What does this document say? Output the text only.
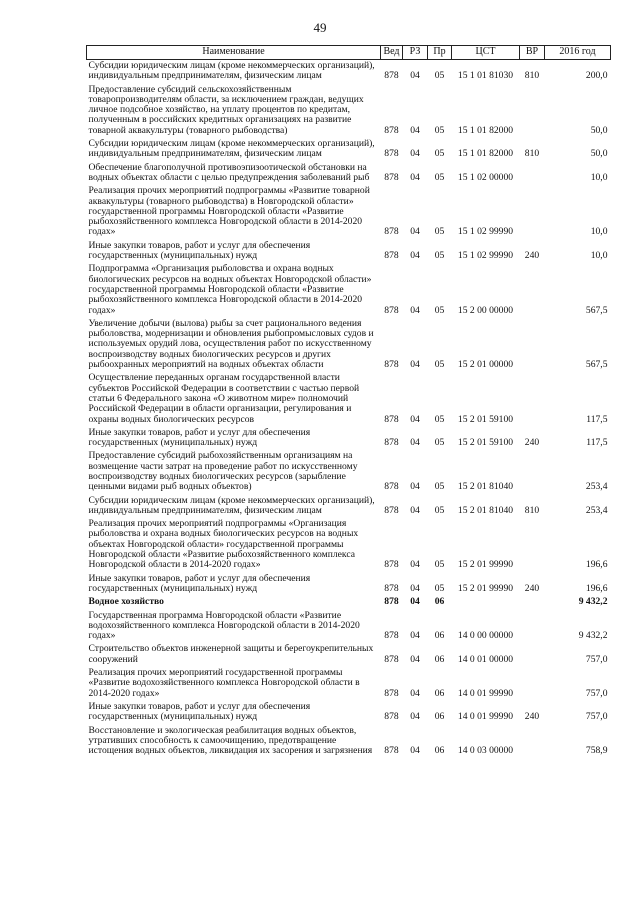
49
Наименование	Вед	РЗ	Пр	ЦСТ	ВР	2016 год
Субсидии юридическим лицам (кроме некоммерческих организаций), индивидуальным предпринимателям, физическим лицам	878	04	05	15 1 01 81030	810	200,0
Предоставление субсидий сельскохозяйственным товаропроизводителям области, за исключением граждан, ведущих личное подсобное хозяйство, на уплату процентов по кредитам, полученным в российских кредитных организациях на развитие товарной аквакультуры (товарного рыбоводства)	878	04	05	15 1 01 82000		50,0
Субсидии юридическим лицам (кроме некоммерческих организаций), индивидуальным предпринимателям, физическим лицам	878	04	05	15 1 01 82000	810	50,0
Обеспечение благополучной противоэпизоотической обстановки на водных объектах области с целью предупреждения заболеваний рыб	878	04	05	15 1 02 00000		10,0
Реализация прочих мероприятий подпрограммы «Развитие товарной аквакультуры (товарного рыбоводства) в Новгородской области» государственной программы Новгородской области «Развитие рыбохозяйственного комплекса Новгородской области в 2014-2020 годах»	878	04	05	15 1 02 99990		10,0
Иные закупки товаров, работ и услуг для обеспечения государственных (муниципальных) нужд	878	04	05	15 1 02 99990	240	10,0
Подпрограмма «Организация рыболовства и охрана водных биологических ресурсов на водных объектах Новгородской области» государственной программы Новгородской области «Развитие рыбохозяйственного комплекса Новгородской области в 2014-2020 годах»	878	04	05	15 2 00 00000		567,5
Увеличение добычи (вылова) рыбы за счет рационального ведения рыболовства, модернизации и обновления рыбопромысловых судов и используемых орудий лова, осуществления работ по искусственному воспроизводству водных биологических ресурсов и других рыбоохранных мероприятий на водных объектах области	878	04	05	15 2 01 00000		567,5
Осуществление переданных органам государственной власти субъектов Российской Федерации в соответствии с частью первой статьи 6 Федерального закона «О животном мире» полномочий Российской Федерации в области организации, регулирования и охраны водных биологических ресурсов	878	04	05	15 2 01 59100		117,5
Иные закупки товаров, работ и услуг для обеспечения государственных (муниципальных) нужд	878	04	05	15 2 01 59100	240	117,5
Предоставление субсидий рыбохозяйственным организациям на возмещение части затрат на проведение работ по искусственному воспроизводству водных биологических ресурсов (зарыбление ценными видами рыб водных объектов)	878	04	05	15 2 01 81040		253,4
Субсидии юридическим лицам (кроме некоммерческих организаций), индивидуальным предпринимателям, физическим лицам	878	04	05	15 2 01 81040	810	253,4
Реализация прочих мероприятий подпрограммы «Организация рыболовства и охрана водных биологических ресурсов на водных объектах Новгородской области» государственной программы Новгородской области «Развитие рыбохозяйственного комплекса Новгородской области в 2014-2020 годах»	878	04	05	15 2 01 99990		196,6
Иные закупки товаров, работ и услуг для обеспечения государственных (муниципальных) нужд	878	04	05	15 2 01 99990	240	196,6
Водное хозяйство	878	04	06			9 432,2
Государственная программа Новгородской области «Развитие водохозяйственного комплекса Новгородской области в 2014-2020 годах»	878	04	06	14 0 00 00000		9 432,2
Строительство объектов инженерной защиты и берегоукрепительных сооружений	878	04	06	14 0 01 00000		757,0
Реализация прочих мероприятий государственной программы «Развитие водохозяйственного комплекса Новгородской области в 2014-2020 годах»	878	04	06	14 0 01 99990		757,0
Иные закупки товаров, работ и услуг для обеспечения государственных (муниципальных) нужд	878	04	06	14 0 01 99990	240	757,0
Восстановление и экологическая реабилитация водных объектов, утративших способность к самоочищению, предотвращение истощения водных объектов, ликвидация их засорения и загрязнения	878	04	06	14 0 03 00000		758,9
